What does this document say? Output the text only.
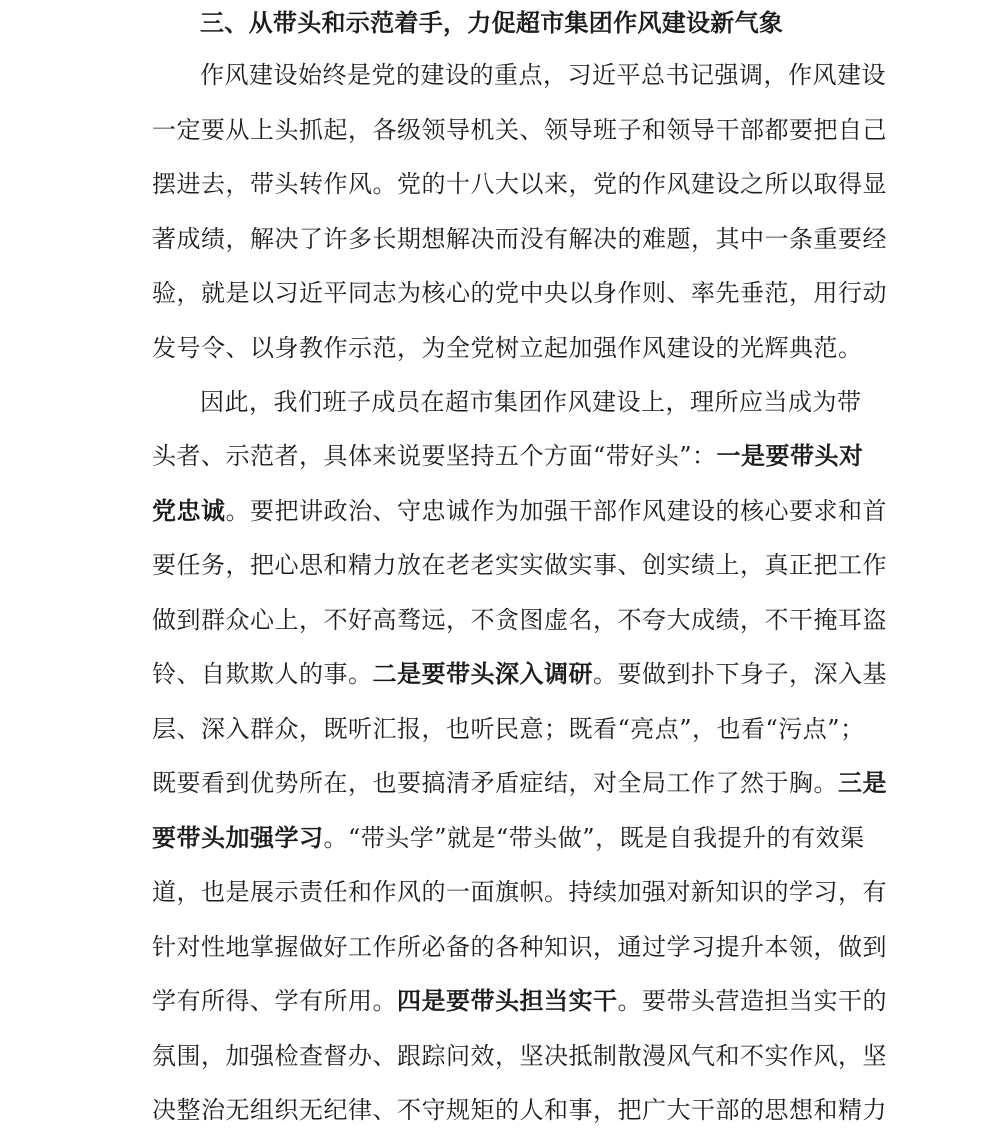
三、从带头和示范着手，力促超市集团作风建设新气象
作风建设始终是党的建设的重点，习近平总书记强调，作风建设
一定要从上头抓起，各级领导机关、领导班子和领导干部都要把自己
摆进去，带头转作风。党的十八大以来，党的作风建设之所以取得显
著成绩，解决了许多长期想解决而没有解决的难题，其中一条重要经
验，就是以习近平同志为核心的党中央以身作则、率先垂范，用行动
发号令、以身教作示范，为全党树立起加强作风建设的光辉典范。
因此，我们班子成员在超市集团作风建设上，理所应当成为带
头者、示范者，具体来说要坚持五个方面“带好头”：一是要带头对
党忠诚。要把讲政治、守忠诚作为加强干部作风建设的核心要求和首
要任务，把心思和精力放在老老实实做实事、创实绩上，真正把工作
做到群众心上，不好高骛远，不贪图虚名，不夸大成绩，不干掩耳盗
铃、自欺欺人的事。二是要带头深入调研。要做到扑下身子，深入基
层、深入群众，既听汇报，也听民意；既看“亮点”，也看“污点”；
既要看到优势所在，也要搞清矛盾症结，对全局工作了然于胸。三是
要带头加强学习。“带头学”就是“带头做”，既是自我提升的有效渠
道，也是展示责任和作风的一面旗帜。持续加强对新知识的学习，有
针对性地掌握做好工作所必备的各种知识，通过学习提升本领，做到
学有所得、学有所用。四是要带头担当实干。要带头营造担当实干的
氛围，加强检查督办、跟踪问效，坚决抵制散漫风气和不实作风，坚
决整治无组织无纪律、不守规矩的人和事，把广大干部的思想和精力
